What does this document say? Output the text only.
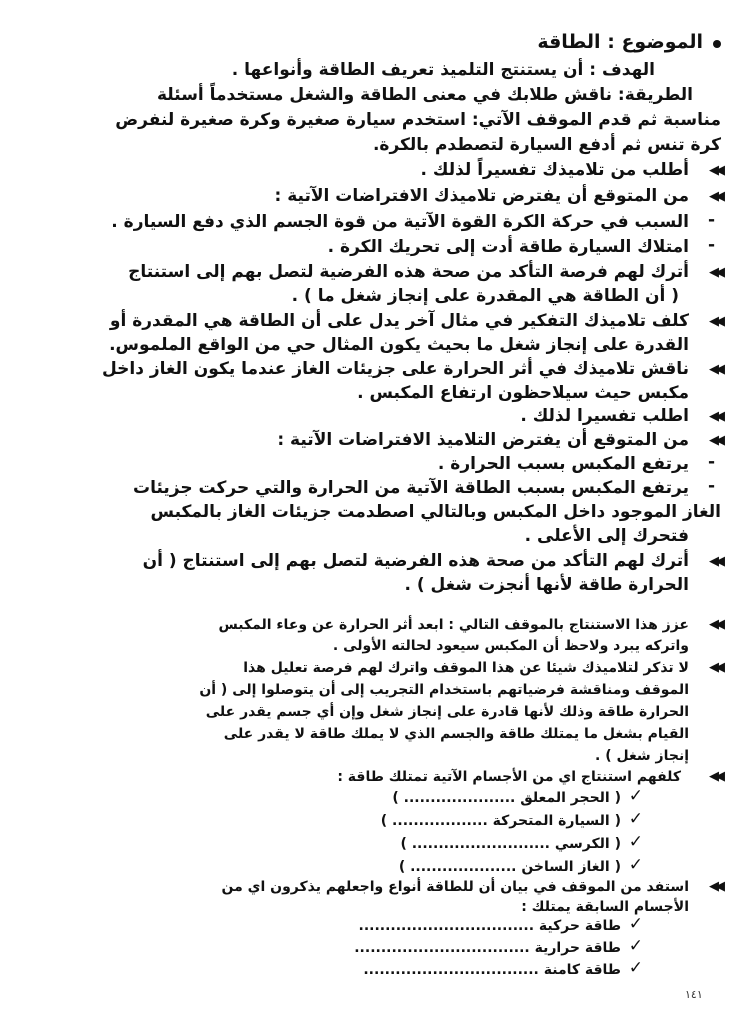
الموضوع : الطاقة
الهدف : أن يستنتج التلميذ تعريف الطاقة وأنواعها .
الطريقة: ناقش طلابك في معنى الطاقة والشغل مستخدماً أسئلة
مناسبة ثم قدم الموقف الآتي: استخدم سيارة صغيرة وكرة صغيرة لنفرض
كرة تنس ثم أدفع السيارة لتصطدم بالكرة.
◀◀
أطلب من تلاميذك تفسيراً لذلك .
◀◀
من المتوقع أن يفترض تلاميذك الافتراضات الآتية :
-
السبب في حركة الكرة القوة الآتية من قوة الجسم الذي دفع السيارة .
-
امتلاك السيارة طاقة أدت إلى تحريك الكرة .
◀◀
أترك لهم فرصة التأكد من صحة هذه الفرضية لتصل بهم إلى استنتاج
( أن الطاقة هي المقدرة على إنجاز شغل ما ) .
◀◀
كلف تلاميذك التفكير في مثال آخر يدل على أن الطاقة هي المقدرة أو
القدرة على إنجاز شغل ما بحيث يكون المثال حي من الواقع الملموس.
◀◀
ناقش تلاميذك في أثر الحرارة على جزيئات الغاز عندما يكون الغاز داخل
مكبس حيث سيلاحظون ارتفاع المكبس .
◀◀
اطلب تفسيرا لذلك .
◀◀
من المتوقع أن يفترض التلاميذ الافتراضات الآتية :
-
يرتفع المكبس بسبب الحرارة .
-
يرتفع المكبس بسبب الطاقة الآتية من الحرارة والتي حركت جزيئات
الغاز الموجود داخل المكبس وبالتالي اصطدمت جزيئات الغاز بالمكبس
فتحرك إلى الأعلى .
◀◀
أترك لهم التأكد من صحة هذه الفرضية لتصل بهم إلى استنتاج ( أن
الحرارة طاقة لأنها أنجزت شغل ) .
◀◀
عزز هذا الاستنتاج بالموقف التالي : ابعد أثر الحرارة عن وعاء المكبس
واتركه يبرد ولاحظ أن المكبس سيعود لحالته الأولى .
◀◀
لا تذكر لتلاميذك شيئا عن هذا الموقف واترك لهم فرصة تعليل هذا
الموقف ومناقشة فرضياتهم باستخدام التجريب إلى أن يتوصلوا إلى ( أن
الحرارة طاقة وذلك لأنها قادرة على إنجاز شغل وإن أي جسم يقدر على
القيام بشغل ما يمتلك طاقة والجسم الذي لا يملك طاقة لا يقدر على
إنجاز شغل ) .
◀◀
كلفهم استنتاج اي من الأجسام الآتية تمتلك طاقة :
✓
( الحجر المعلق ..................... )
✓
( السيارة المتحركة .................. )
✓
( الكرسي .......................... )
✓
( الغاز الساخن .................... )
◀◀
استفد من الموقف في بيان أن للطاقة أنواع واجعلهم يذكرون اي من
الأجسام السابقة يمتلك :
✓
طاقة حركية .................................
✓
طاقة حرارية .................................
✓
طاقة كامنة .................................
١٤١
